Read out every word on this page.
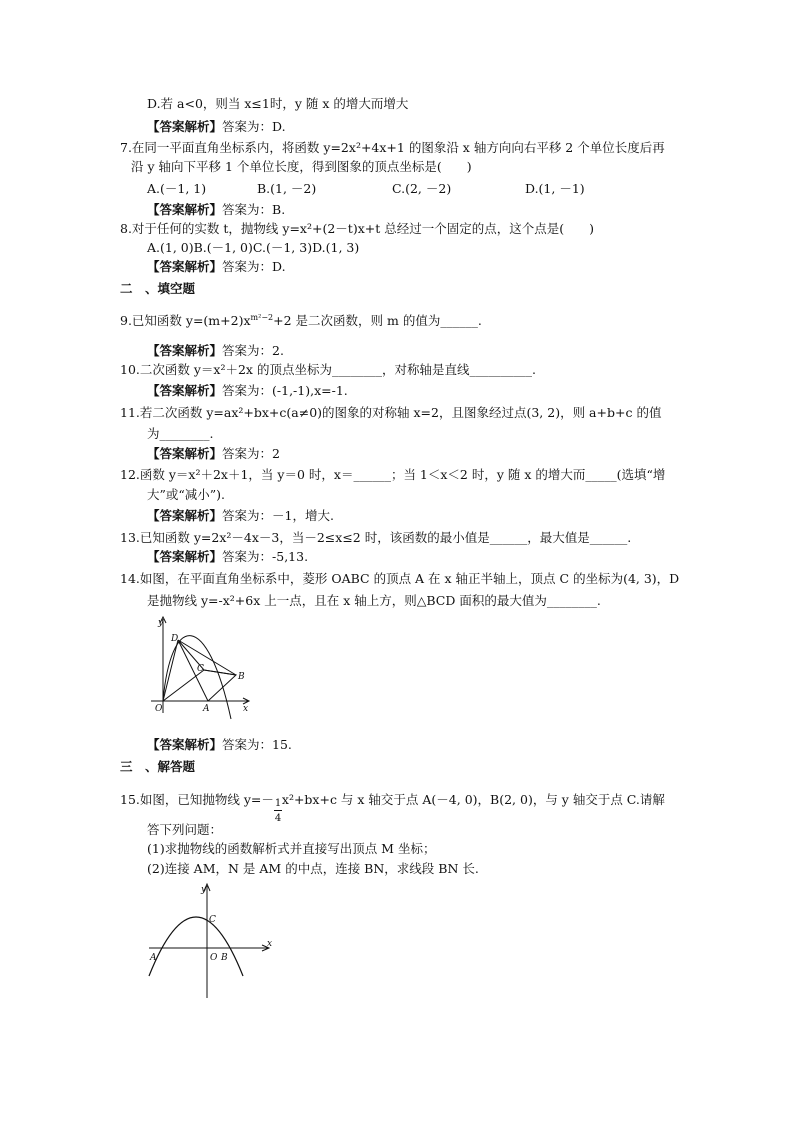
D.若 a<0，则当 x≤1时，y 随 x 的增大而增大
【答案解析】答案为：D.
7.在同一平面直角坐标系内，将函数 y=2x²+4x+1 的图象沿 x 轴方向向右平移 2 个单位长度后再
沿 y 轴向下平移 1 个单位长度，得到图象的顶点坐标是(　　)
A.(－1, 1)	B.(1, －2)	C.(2, －2)	D.(1, －1)
【答案解析】答案为：B.
8.对于任何的实数 t，抛物线 y=x²+(2－t)x+t 总经过一个固定的点，这个点是(　　)
A.(1, 0)B.(－1, 0)C.(－1, 3)D.(1, 3)
【答案解析】答案为：D.
二　、填空题
9.已知函数 $y=(m+2)x^{m^2-2}+2$ 是二次函数，则 m 的值为______.
【答案解析】答案为：2.
10.二次函数 y＝x²＋2x 的顶点坐标为________，对称轴是直线__________.
【答案解析】答案为：(-1,-1),x=-1.
11.若二次函数 y=ax²+bx+c(a≠0)的图象的对称轴 x=2，且图象经过点(3, 2)，则 a+b+c 的值
为________.
【答案解析】答案为：2
12.函数 y＝x²＋2x＋1，当 y＝0 时，x＝______；当 1＜x＜2 时，y 随 x 的增大而_____(选填“增
大”或“减小”).
【答案解析】答案为：－1，增大.
13.已知函数 y=2x²－4x－3，当－2≤x≤2 时，该函数的最小值是______，最大值是______.
【答案解析】答案为：-5,13.
14.如图，在平面直角坐标系中，菱形 OABC 的顶点 A 在 x 轴正半轴上，顶点 C 的坐标为(4, 3)，D
是抛物线 y=-x²+6x 上一点，且在 x 轴上方，则△BCD 面积的最大值为________.
y
x
O	A
B
C
D
【答案解析】答案为：15.
三　、解答题
15.如图，已知抛物线 y=－
$\frac{1}{4}$
x²+bx+c 与 x 轴交于点 A(－4, 0)，B(2, 0)，与 y 轴交于点 C.请解
答下列问题：
(1)求抛物线的函数解析式并直接写出顶点 M 坐标；
(2)连接 AM，N 是 AM 的中点，连接 BN，求线段 BN 长.
y
x
C
A	O B
